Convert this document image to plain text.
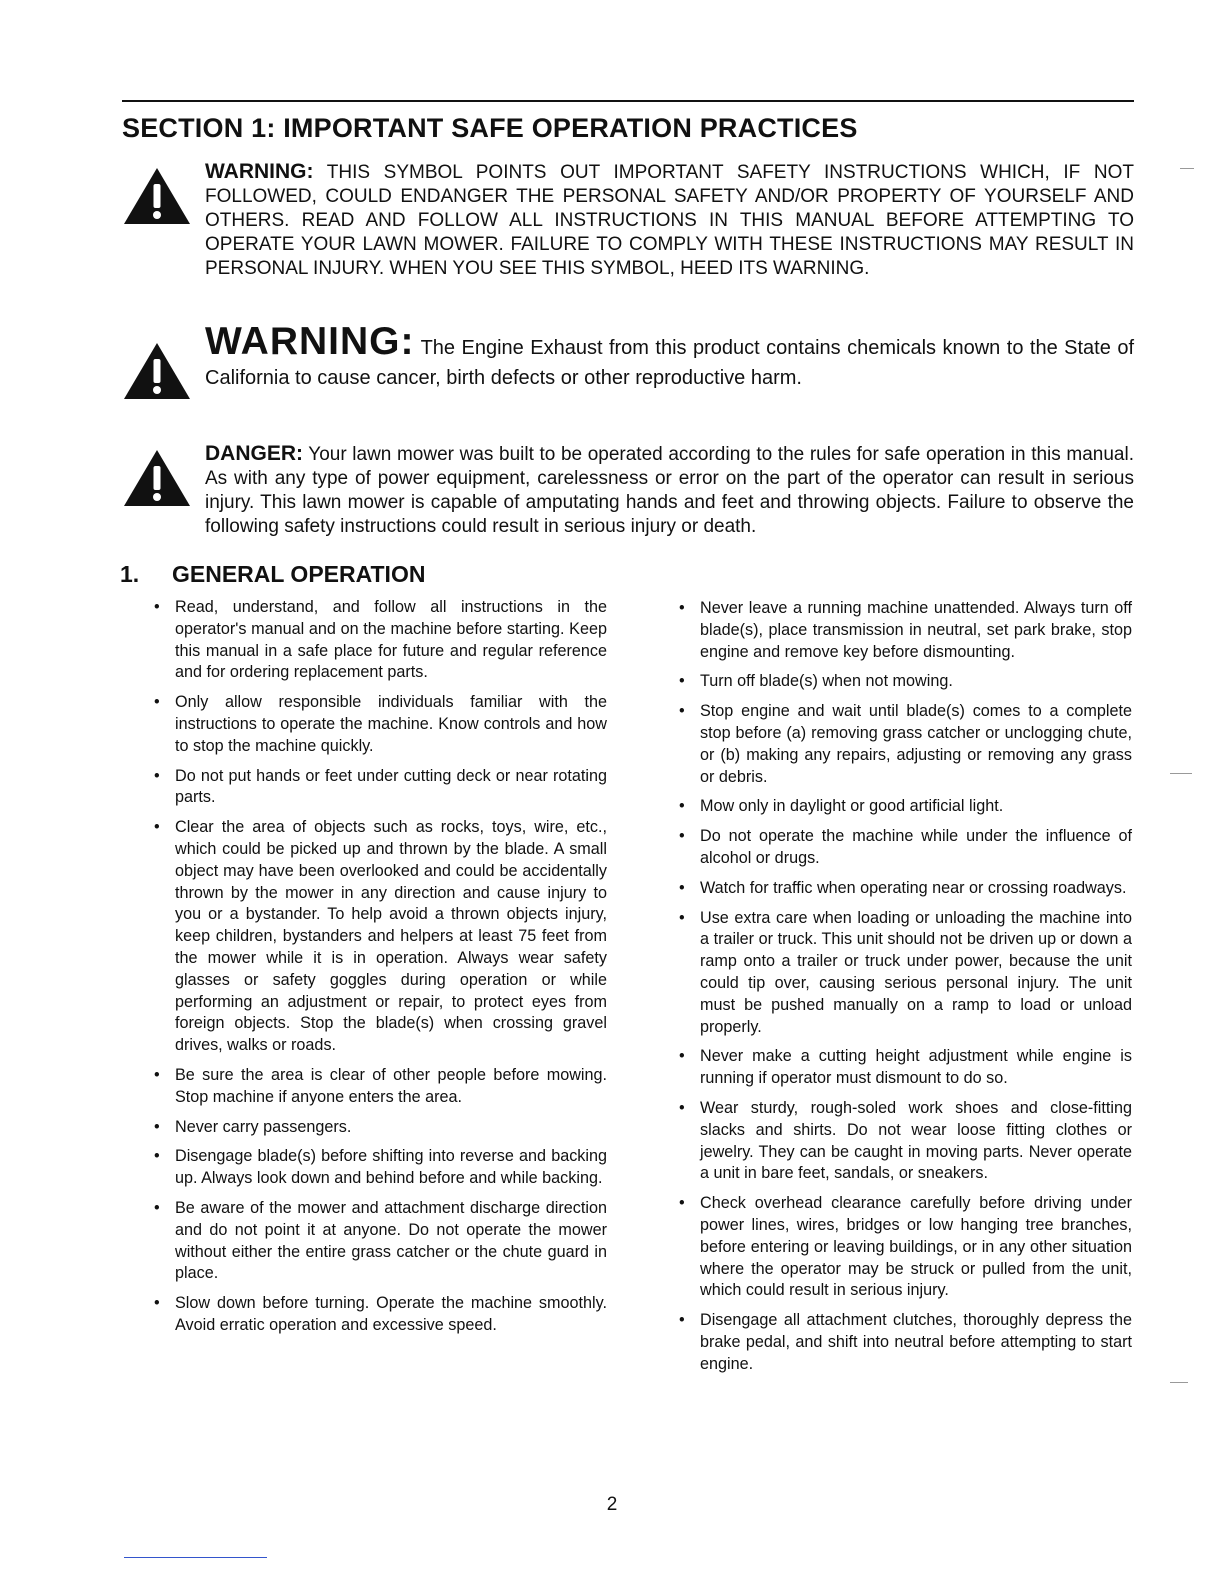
SECTION 1: IMPORTANT SAFE OPERATION PRACTICES
WARNING: THIS SYMBOL POINTS OUT IMPORTANT SAFETY INSTRUCTIONS WHICH, IF NOT FOLLOWED, COULD ENDANGER THE PERSONAL SAFETY AND/OR PROPERTY OF YOURSELF AND OTHERS. READ AND FOLLOW ALL INSTRUCTIONS IN THIS MANUAL BEFORE ATTEMPTING TO OPERATE YOUR LAWN MOWER. FAILURE TO COMPLY WITH THESE INSTRUCTIONS MAY RESULT IN PERSONAL INJURY. WHEN YOU SEE THIS SYMBOL, HEED ITS WARNING.
WARNING: The Engine Exhaust from this product contains chemicals known to the State of California to cause cancer, birth defects or other reproductive harm.
DANGER: Your lawn mower was built to be operated according to the rules for safe operation in this manual. As with any type of power equipment, carelessness or error on the part of the operator can result in serious injury. This lawn mower is capable of amputating hands and feet and throwing objects. Failure to observe the following safety instructions could result in serious injury or death.
1. GENERAL OPERATION
• Read, understand, and follow all instructions in the operator's manual and on the machine before starting. Keep this manual in a safe place for future and regular reference and for ordering replacement parts.
• Only allow responsible individuals familiar with the instructions to operate the machine. Know controls and how to stop the machine quickly.
• Do not put hands or feet under cutting deck or near rotating parts.
• Clear the area of objects such as rocks, toys, wire, etc., which could be picked up and thrown by the blade. A small object may have been overlooked and could be accidentally thrown by the mower in any direction and cause injury to you or a bystander. To help avoid a thrown objects injury, keep children, bystanders and helpers at least 75 feet from the mower while it is in operation. Always wear safety glasses or safety goggles during operation or while performing an adjustment or repair, to protect eyes from foreign objects. Stop the blade(s) when crossing gravel drives, walks or roads.
• Be sure the area is clear of other people before mowing. Stop machine if anyone enters the area.
• Never carry passengers.
• Disengage blade(s) before shifting into reverse and backing up. Always look down and behind before and while backing.
• Be aware of the mower and attachment discharge direction and do not point it at anyone. Do not operate the mower without either the entire grass catcher or the chute guard in place.
• Slow down before turning. Operate the machine smoothly. Avoid erratic operation and excessive speed.
• Never leave a running machine unattended. Always turn off blade(s), place transmission in neutral, set park brake, stop engine and remove key before dismounting.
• Turn off blade(s) when not mowing.
• Stop engine and wait until blade(s) comes to a complete stop before (a) removing grass catcher or unclogging chute, or (b) making any repairs, adjusting or removing any grass or debris.
• Mow only in daylight or good artificial light.
• Do not operate the machine while under the influence of alcohol or drugs.
• Watch for traffic when operating near or crossing roadways.
• Use extra care when loading or unloading the machine into a trailer or truck. This unit should not be driven up or down a ramp onto a trailer or truck under power, because the unit could tip over, causing serious personal injury. The unit must be pushed manually on a ramp to load or unload properly.
• Never make a cutting height adjustment while engine is running if operator must dismount to do so.
• Wear sturdy, rough-soled work shoes and close-fitting slacks and shirts. Do not wear loose fitting clothes or jewelry. They can be caught in moving parts. Never operate a unit in bare feet, sandals, or sneakers.
• Check overhead clearance carefully before driving under power lines, wires, bridges or low hanging tree branches, before entering or leaving buildings, or in any other situation where the operator may be struck or pulled from the unit, which could result in serious injury.
• Disengage all attachment clutches, thoroughly depress the brake pedal, and shift into neutral before attempting to start engine.
2
